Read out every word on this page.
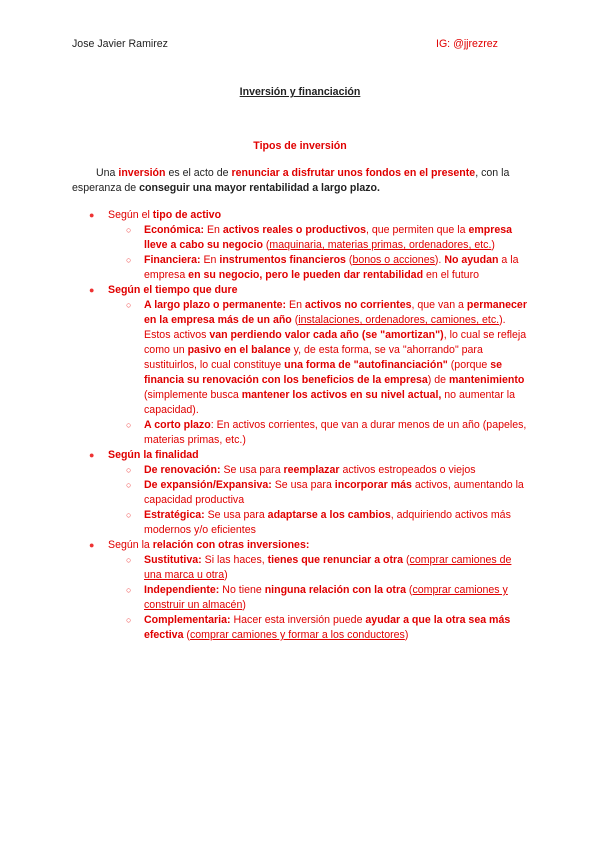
Jose Javier Ramirez	IG: @jjrezrez
Inversión y financiación
Tipos de inversión

Una inversión es el acto de renunciar a disfrutar unos fondos en el presente, con la esperanza de conseguir una mayor rentabilidad a largo plazo.

● Según el tipo de activo
○ Económica: En activos reales o productivos, que permiten que la empresa lleve a cabo su negocio (maquinaria, materias primas, ordenadores, etc.)
○ Financiera: En instrumentos financieros (bonos o acciones). No ayudan a la empresa en su negocio, pero le pueden dar rentabilidad en el futuro
● Según el tiempo que dure
○ A largo plazo o permanente: En activos no corrientes, que van a permanecer en la empresa más de un año (instalaciones, ordenadores, camiones, etc.). Estos activos van perdiendo valor cada año (se "amortizan"), lo cual se refleja como un pasivo en el balance y, de esta forma, se va "ahorrando" para sustituirlos, lo cual constituye una forma de "autofinanciación" (porque se financia su renovación con los beneficios de la empresa) de mantenimiento (simplemente busca mantener los activos en su nivel actual, no aumentar la capacidad).
○ A corto plazo: En activos corrientes, que van a durar menos de un año (papeles, materias primas, etc.)
● Según la finalidad
○ De renovación: Se usa para reemplazar activos estropeados o viejos
○ De expansión/Expansiva: Se usa para incorporar más activos, aumentando la capacidad productiva
○ Estratégica: Se usa para adaptarse a los cambios, adquiriendo activos más modernos y/o eficientes
● Según la relación con otras inversiones:
○ Sustitutiva: Si las haces, tienes que renunciar a otra (comprar camiones de una marca u otra)
○ Independiente: No tiene ninguna relación con la otra (comprar camiones y construir un almacén)
○ Complementaria: Hacer esta inversión puede ayudar a que la otra sea más efectiva (comprar camiones y formar a los conductores)
